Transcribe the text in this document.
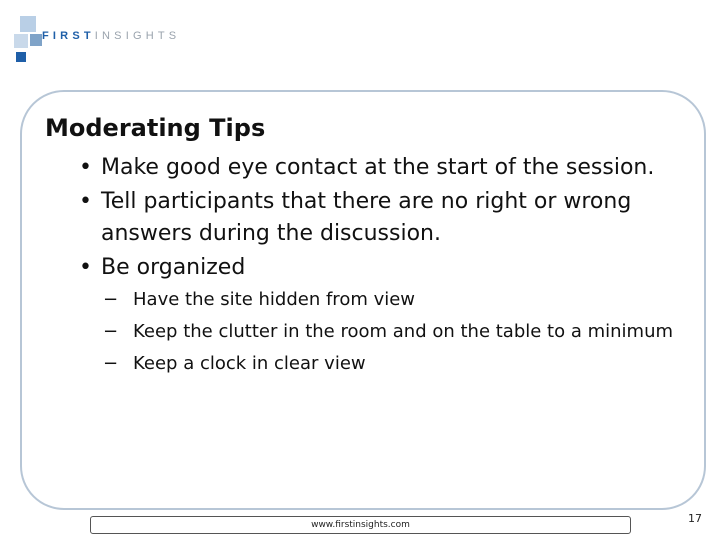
FIRSTINSIGHTS
Moderating Tips
• Make good eye contact at the start of the session.
• Tell participants that there are no right or wrong answers during the discussion.
• Be organized
− Have the site hidden from view
− Keep the clutter in the room and on the table to a minimum
− Keep a clock in clear view
www.firstinsights.com	17
